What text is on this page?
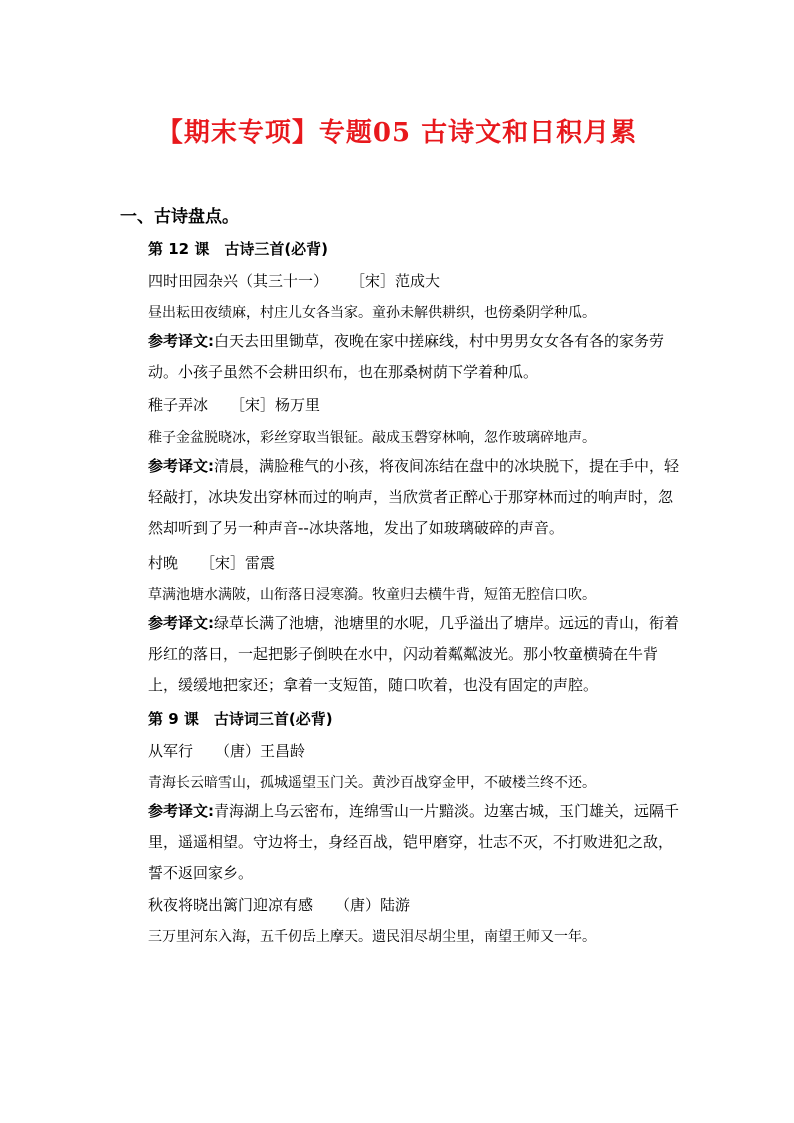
【期末专项】专题05 古诗文和日积月累
一、古诗盘点。
第 12 课　古诗三首(必背)
四时田园杂兴（其三十一） ［宋］范成大
昼出耘田夜绩麻，村庄儿女各当家。童孙未解供耕织，也傍桑阴学种瓜。
参考译文:白天去田里锄草，夜晚在家中搓麻线，村中男男女女各有各的家务劳动。小孩子虽然不会耕田织布，也在那桑树荫下学着种瓜。
稚子弄冰 ［宋］杨万里
稚子金盆脱晓冰，彩丝穿取当银钲。敲成玉磬穿林响，忽作玻璃碎地声。
参考译文:清晨，满脸稚气的小孩，将夜间冻结在盘中的冰块脱下，提在手中，轻轻敲打，冰块发出穿林而过的响声，当欣赏者正醉心于那穿林而过的响声时，忽然却听到了另一种声音--冰块落地，发出了如玻璃破碎的声音。
村晚 ［宋］雷震
草满池塘水满陂，山衔落日浸寒漪。牧童归去横牛背，短笛无腔信口吹。
参考译文:绿草长满了池塘，池塘里的水呢，几乎溢出了塘岸。远远的青山，衔着彤红的落日，一起把影子倒映在水中，闪动着粼粼波光。那小牧童横骑在牛背上，缓缓地把家还；拿着一支短笛，随口吹着，也没有固定的声腔。
第 9 课　古诗词三首(必背)
从军行 （唐）王昌龄
青海长云暗雪山，孤城遥望玉门关。黄沙百战穿金甲，不破楼兰终不还。
参考译文:青海湖上乌云密布，连绵雪山一片黯淡。边塞古城，玉门雄关，远隔千里，遥遥相望。守边将士，身经百战，铠甲磨穿，壮志不灭，不打败进犯之敌，誓不返回家乡。
秋夜将晓出篱门迎凉有感 （唐）陆游
三万里河东入海，五千仞岳上摩天。遗民泪尽胡尘里，南望王师又一年。
